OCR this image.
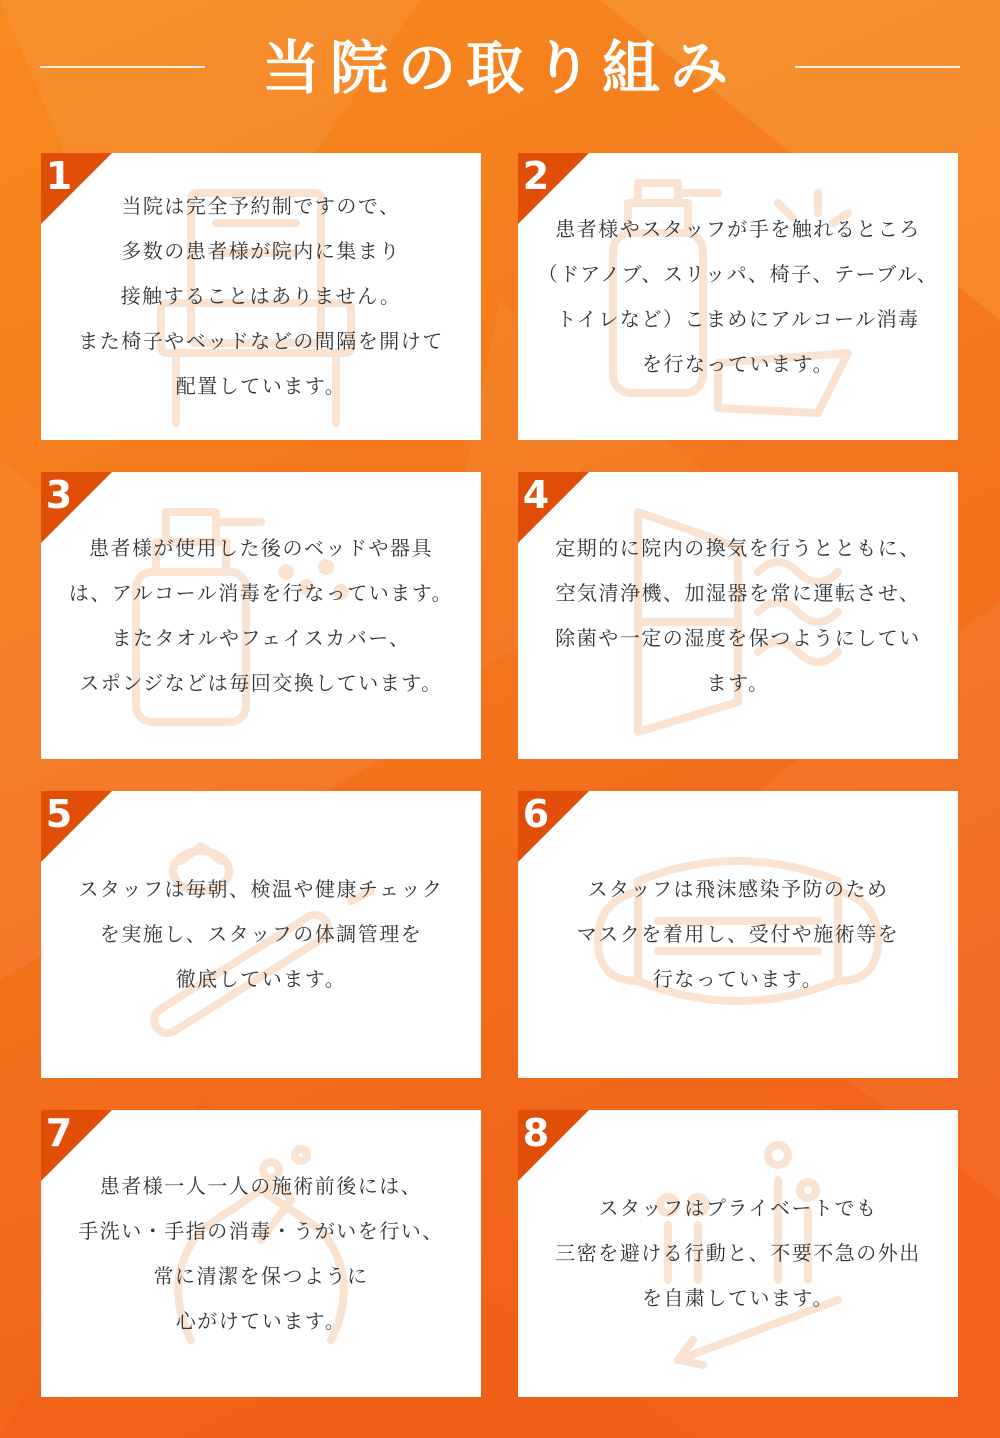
当院の取り組み
1
当院は完全予約制ですので、
多数の患者様が院内に集まり
接触することはありません。
また椅子やベッドなどの間隔を開けて
配置しています。
2
患者様やスタッフが手を触れるところ
（ドアノブ、スリッパ、椅子、テーブル、
トイレなど）こまめにアルコール消毒
を行なっています。
3
患者様が使用した後のベッドや器具
は、アルコール消毒を行なっています。
またタオルやフェイスカバー、
スポンジなどは毎回交換しています。
4
定期的に院内の換気を行うとともに、
空気清浄機、加湿器を常に運転させ、
除菌や一定の湿度を保つようにしてい
ます。
5
スタッフは毎朝、検温や健康チェック
を実施し、スタッフの体調管理を
徹底しています。
6
スタッフは飛沫感染予防のため
マスクを着用し、受付や施術等を
行なっています。
7
患者様一人一人の施術前後には、
手洗い・手指の消毒・うがいを行い、
常に清潔を保つように
心がけています。
8
スタッフはプライベートでも
三密を避ける行動と、不要不急の外出
を自粛しています。
